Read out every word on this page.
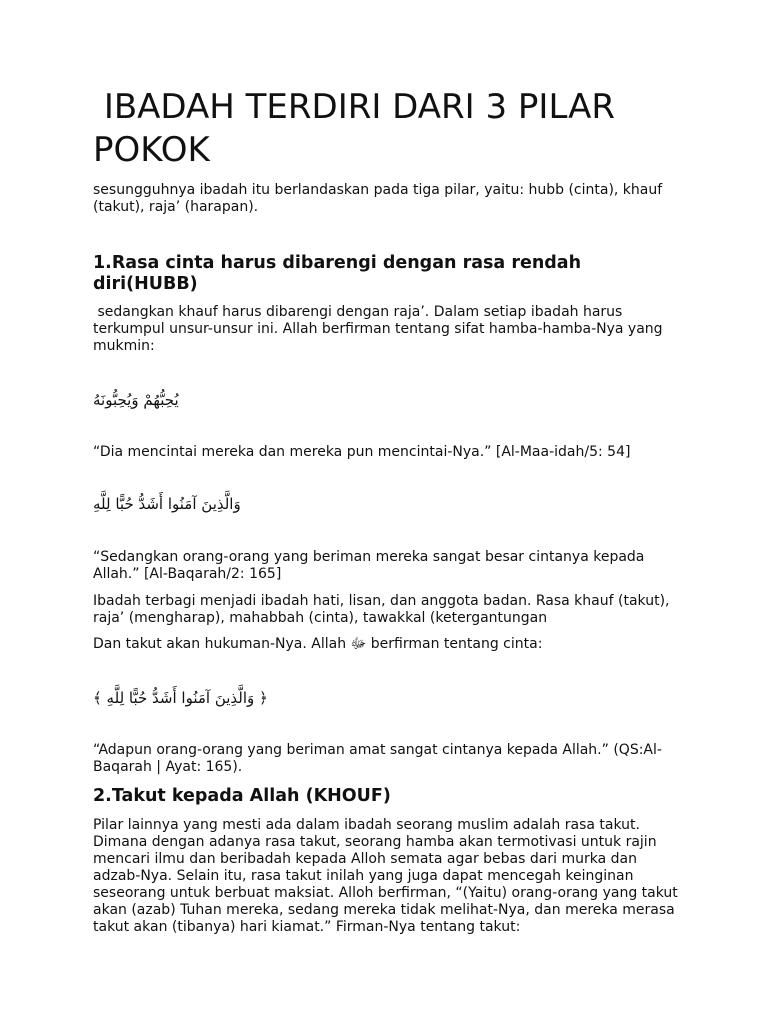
IBADAH TERDIRI DARI 3 PILAR POKOK

sesungguhnya ibadah itu berlandaskan pada tiga pilar, yaitu: hubb (cinta), khauf (takut), raja’ (harapan).

1.Rasa cinta harus dibarengi dengan rasa rendah diri(HUBB)

sedangkan khauf harus dibarengi dengan raja’. Dalam setiap ibadah harus terkumpul unsur-unsur ini. Allah berfirman tentang sifat hamba-hamba-Nya yang mukmin:

يُحِبُّهُمْ وَيُحِبُّونَهُ

“Dia mencintai mereka dan mereka pun mencintai-Nya.” [Al-Maa-idah/5: 54]

وَالَّذِينَ آمَنُوا أَشَدُّ حُبًّا لِلَّهِ

“Sedangkan orang-orang yang beriman mereka sangat besar cintanya kepada Allah.” [Al-Baqarah/2: 165]

Ibadah terbagi menjadi ibadah hati, lisan, dan anggota badan. Rasa khauf (takut), raja’ (mengharap), mahabbah (cinta), tawakkal (ketergantungan

Dan takut akan hukuman-Nya. Allah ﷻ berfirman tentang cinta:

﴿ وَالَّذِينَ آمَنُوا أَشَدُّ حُبًّا لِلَّهِ ﴾

“Adapun orang-orang yang beriman amat sangat cintanya kepada Allah.” (QS:Al-Baqarah | Ayat: 165).

2.Takut kepada Allah (KHOUF)

Pilar lainnya yang mesti ada dalam ibadah seorang muslim adalah rasa takut. Dimana dengan adanya rasa takut, seorang hamba akan termotivasi untuk rajin mencari ilmu dan beribadah kepada Alloh semata agar bebas dari murka dan adzab-Nya. Selain itu, rasa takut inilah yang juga dapat mencegah keinginan seseorang untuk berbuat maksiat. Alloh berfirman, “(Yaitu) orang-orang yang takut akan (azab) Tuhan mereka, sedang mereka tidak melihat-Nya, dan mereka merasa takut akan (tibanya) hari kiamat.” Firman-Nya tentang takut:
